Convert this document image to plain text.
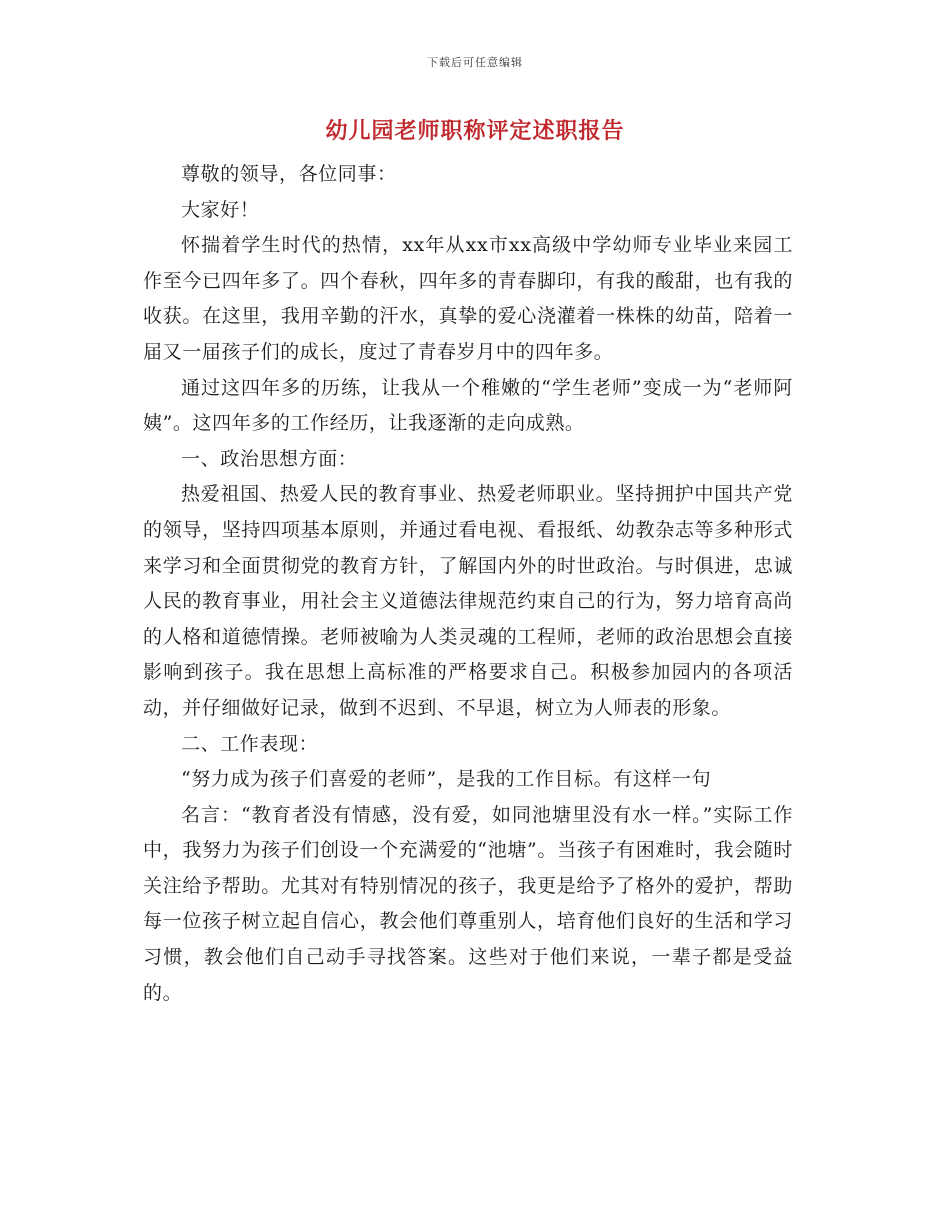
下载后可任意编辑
幼儿园老师职称评定述职报告

尊敬的领导，各位同事：

大家好！

怀揣着学生时代的热情，xx年从xx市xx高级中学幼师专业毕业来园工作至今已四年多了。四个春秋，四年多的青春脚印，有我的酸甜，也有我的收获。在这里，我用辛勤的汗水，真挚的爱心浇灌着一株株的幼苗，陪着一届又一届孩子们的成长，度过了青春岁月中的四年多。

通过这四年多的历练，让我从一个稚嫩的“学生老师”变成一为“老师阿姨”。这四年多的工作经历，让我逐渐的走向成熟。

一、政治思想方面：

热爱祖国、热爱人民的教育事业、热爱老师职业。坚持拥护中国共产党的领导，坚持四项基本原则，并通过看电视、看报纸、幼教杂志等多种形式来学习和全面贯彻党的教育方针，了解国内外的时世政治。与时俱进，忠诚人民的教育事业，用社会主义道德法律规范约束自己的行为，努力培育高尚的人格和道德情操。老师被喻为人类灵魂的工程师，老师的政治思想会直接影响到孩子。我在思想上高标准的严格要求自己。积极参加园内的各项活动，并仔细做好记录，做到不迟到、不早退，树立为人师表的形象。

二、工作表现：

“努力成为孩子们喜爱的老师”，是我的工作目标。有这样一句

名言：“教育者没有情感，没有爱，如同池塘里没有水一样。”实际工作中，我努力为孩子们创设一个充满爱的“池塘”。当孩子有困难时，我会随时关注给予帮助。尤其对有特别情况的孩子，我更是给予了格外的爱护，帮助每一位孩子树立起自信心，教会他们尊重别人，培育他们良好的生活和学习习惯，教会他们自己动手寻找答案。这些对于他们来说，一辈子都是受益的。
